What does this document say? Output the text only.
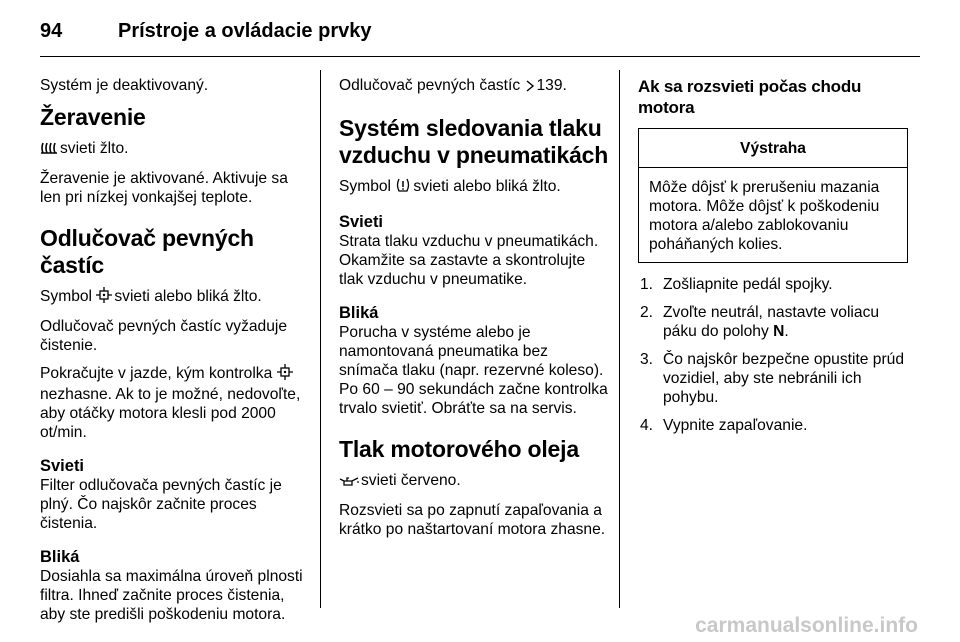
94	Prístroje a ovládacie prvky

Systém je deaktivovaný.

Žeravenie

svieti žlto.

Žeravenie je aktivované. Aktivuje sa len pri nízkej vonkajšej teplote.

Odlučovač pevných častíc

Symbol svieti alebo bliká žlto.

Odlučovač pevných častíc vyžaduje čistenie.

Pokračujte v jazde, kým kontrolka  nezhasne. Ak to je možné, nedovoľte, aby otáčky motora klesli pod 2000 ot/min.

Svieti

Filter odlučovača pevných častíc je plný. Čo najskôr začnite proces čistenia.

Bliká

Dosiahla sa maximálna úroveň plnosti filtra. Ihneď začnite proces čistenia, aby ste predišli poškodeniu motora.

Odlučovač pevných častíc 139.

Systém sledovania tlaku vzduchu v pneumatikách

Symbol svieti alebo bliká žlto.

Svieti

Strata tlaku vzduchu v pneumatikách. Okamžite sa zastavte a skontrolujte tlak vzduchu v pneumatike.

Bliká

Porucha v systéme alebo je namontovaná pneumatika bez snímača tlaku (napr. rezervné koleso). Po 60 – 90 sekundách začne kontrolka trvalo svietiť. Obráťte sa na servis.

Tlak motorového oleja

svieti červeno.

Rozsvieti sa po zapnutí zapaľovania a krátko po naštartovaní motora zhasne.

Ak sa rozsvieti počas chodu motora
Výstraha
Môže dôjsť k prerušeniu mazania motora. Môže dôjsť k poškodeniu motora a/alebo zablokovaniu poháňaných kolies.
1. Zošliapnite pedál spojky.
2. Zvoľte neutrál, nastavte voliacu páku do polohy N.
3. Čo najskôr bezpečne opustite prúd vozidiel, aby ste nebránili ich pohybu.
4. Vypnite zapaľovanie.
carmanualsonline.info
